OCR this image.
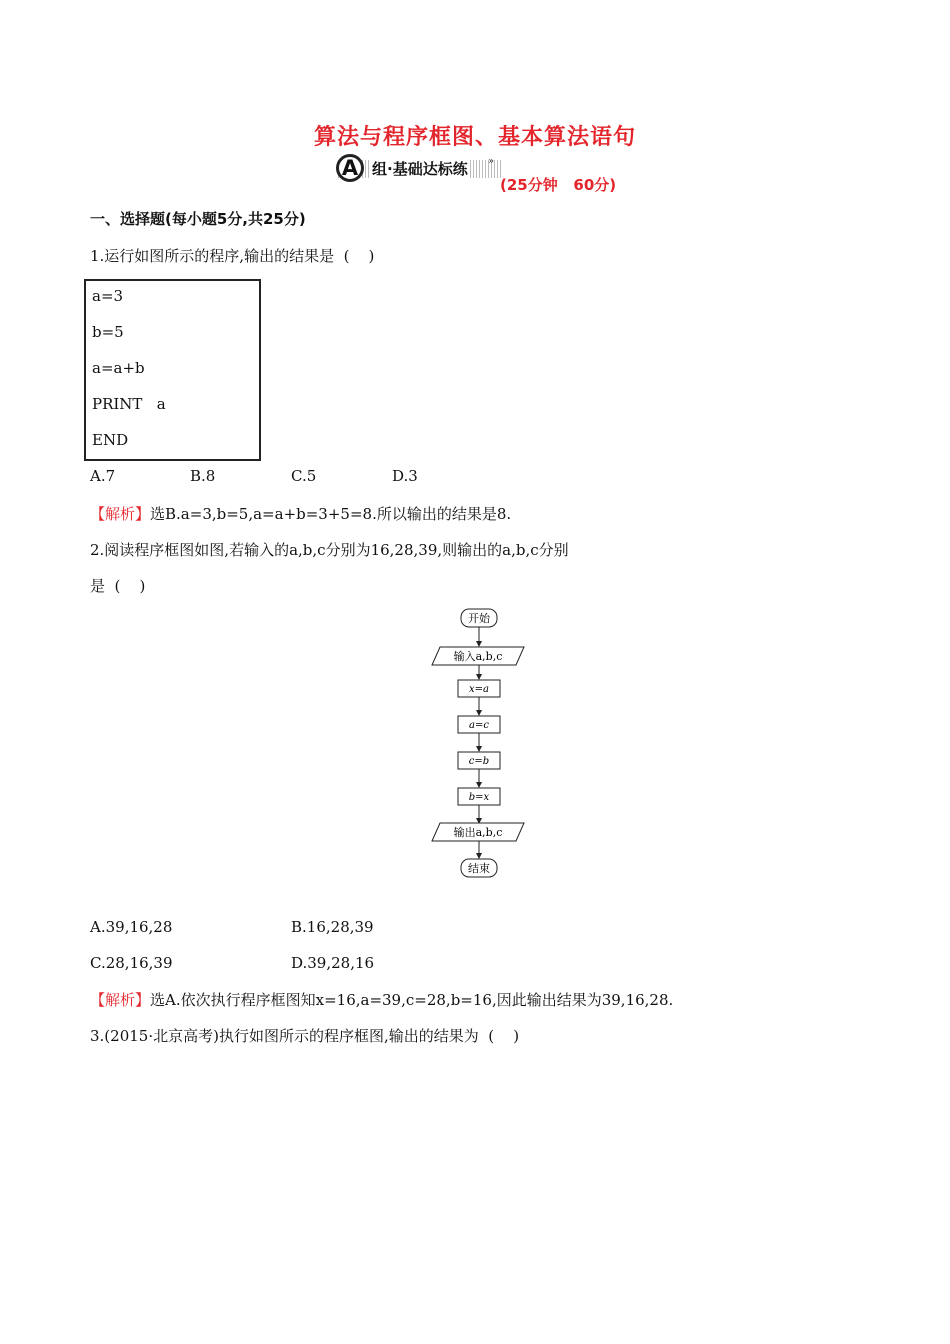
算法与程序框图、基本算法语句
A 组·基础达标练 »
(25分钟   60分)
一、选择题(每小题5分,共25分)
1.运行如图所示的程序,输出的结果是  (    )
a=3
b=5
a=a+b
PRINT   a
END
A.7	B.8	C.5	D.3
【解析】选B.a=3,b=5,a=a+b=3+5=8.所以输出的结果是8.
2.阅读程序框图如图,若输入的a,b,c分别为16,28,39,则输出的a,b,c分别
是  (    )
开始
输入a,b,c
x=a
a=c
c=b
b=x
输出a,b,c
结束
A.39,16,28	B.16,28,39
C.28,16,39	D.39,28,16
【解析】选A.依次执行程序框图知x=16,a=39,c=28,b=16,因此输出结果为39,16,28.
3.(2015·北京高考)执行如图所示的程序框图,输出的结果为  (    )
